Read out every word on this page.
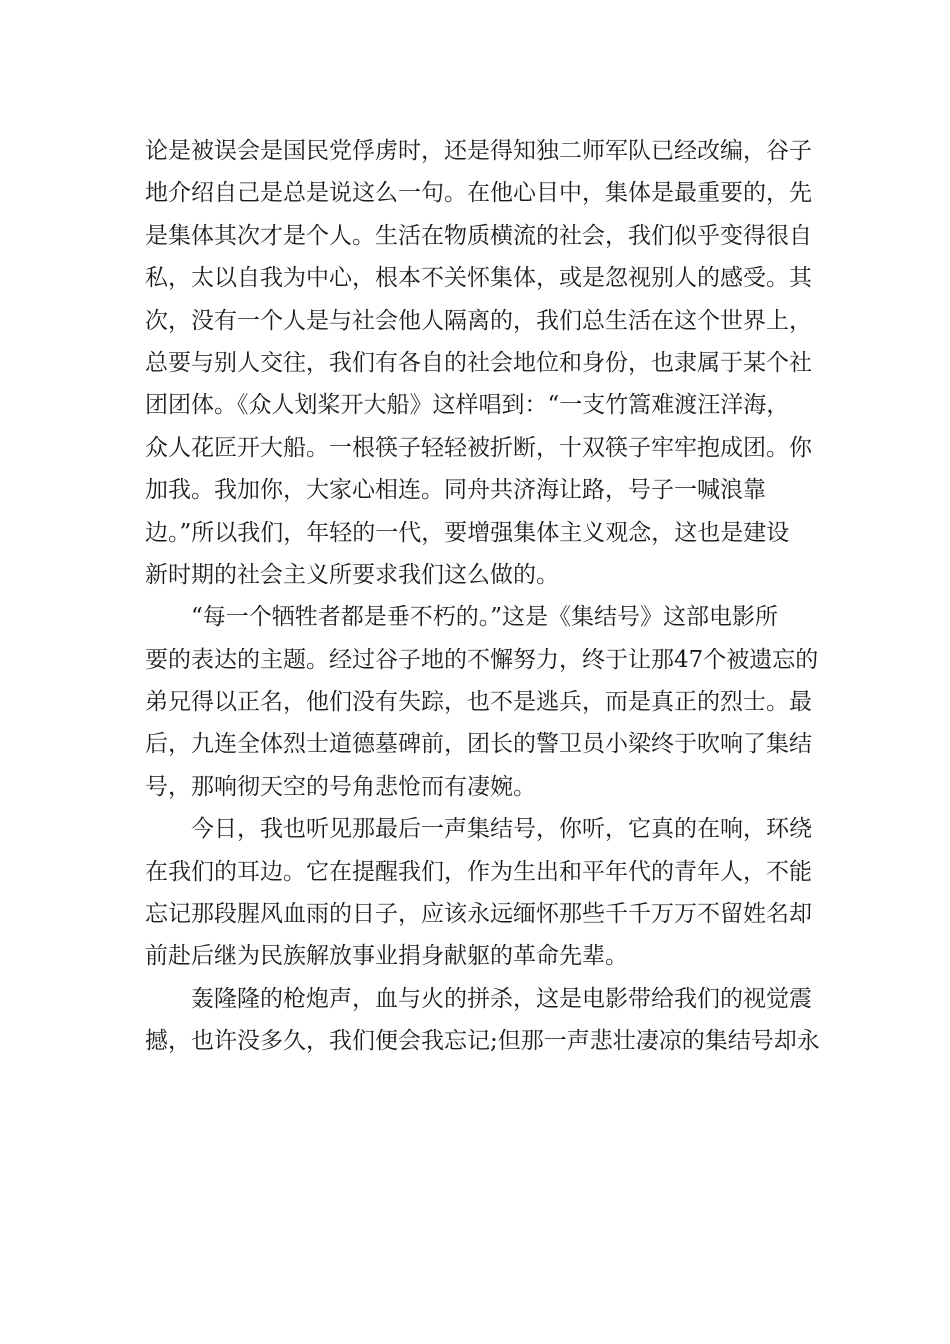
论是被误会是国民党俘虏时，还是得知独二师军队已经改编，谷子
地介绍自己是总是说这么一句。在他心目中，集体是最重要的，先
是集体其次才是个人。生活在物质横流的社会，我们似乎变得很自
私，太以自我为中心，根本不关怀集体，或是忽视别人的感受。其
次，没有一个人是与社会他人隔离的，我们总生活在这个世界上，
总要与别人交往，我们有各自的社会地位和身份，也隶属于某个社
团团体。《众人划桨开大船》这样唱到：“一支竹篙难渡汪洋海，
众人花匠开大船。一根筷子轻轻被折断，十双筷子牢牢抱成团。你
加我。我加你，大家心相连。同舟共济海让路，号子一喊浪靠
边。”所以我们，年轻的一代，要增强集体主义观念，这也是建设
新时期的社会主义所要求我们这么做的。
“每一个牺牲者都是垂不朽的。”这是《集结号》这部电影所
要的表达的主题。经过谷子地的不懈努力，终于让那47个被遗忘的
弟兄得以正名，他们没有失踪，也不是逃兵，而是真正的烈士。最
后，九连全体烈士道德墓碑前，团长的警卫员小梁终于吹响了集结
号，那响彻天空的号角悲怆而有凄婉。
今日，我也听见那最后一声集结号，你听，它真的在响，环绕
在我们的耳边。它在提醒我们，作为生出和平年代的青年人，不能
忘记那段腥风血雨的日子，应该永远缅怀那些千千万万不留姓名却
前赴后继为民族解放事业捐身献躯的革命先辈。
轰隆隆的枪炮声，血与火的拼杀，这是电影带给我们的视觉震
撼，也许没多久，我们便会我忘记;但那一声悲壮凄凉的集结号却永
